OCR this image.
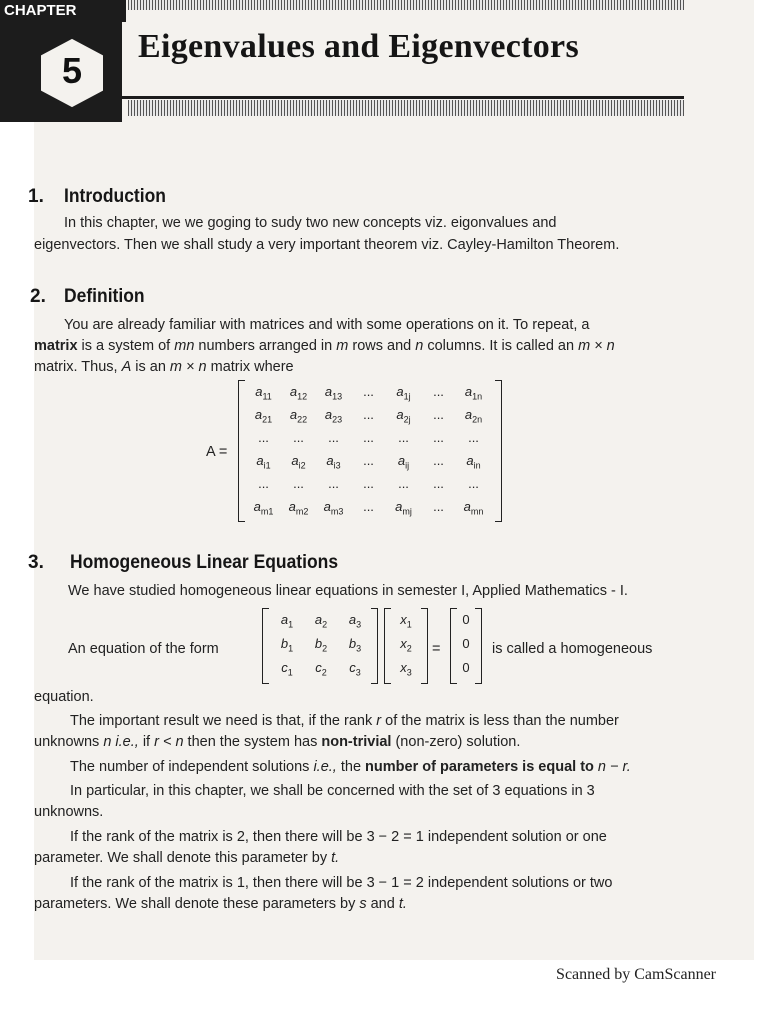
CHAPTER
5
Eigenvalues and Eigenvectors
1. Introduction
In this chapter, we we goging to sudy two new concepts viz. eigonvalues and
eigenvectors. Then we shall study a very important theorem viz. Cayley-Hamilton Theorem.
2. Definition
You are already familiar with matrices and with some operations on it. To repeat, a
matrix is a system of mn numbers arranged in m rows and n columns. It is called an m × n
matrix. Thus, A is an m × n matrix where
A =
$a_{11}$	$a_{12}$	$a_{13}$	...	$a_{1j}$	...	$a_{1n}$
$a_{21}$	$a_{22}$	$a_{23}$	...	$a_{2j}$	...	$a_{2n}$
...	...	...	...	...	...	...
$a_{i1}$	$a_{i2}$	$a_{i3}$	...	$a_{ij}$	...	$a_{in}$
...	...	...	...	...	...	...
$a_{m1}$	$a_{m2}$	$a_{m3}$	...	$a_{mj}$	...	$a_{mn}$
3. Homogeneous Linear Equations
We have studied homogeneous linear equations in semester I, Applied Mathematics - I.
An equation of the form
$a_1$	$a_2$	$a_3$
$b_1$	$b_2$	$b_3$
$c_1$	$c_2$	$c_3$
$x_1$
$x_2$
$x_3$
=
0
0
0
is called a homogeneous
equation.
The important result we need is that, if the rank r of the matrix is less than the number
unknowns n i.e., if r < n then the system has non-trivial (non-zero) solution.
The number of independent solutions i.e., the number of parameters is equal to n − r.
In particular, in this chapter, we shall be concerned with the set of 3 equations in 3
unknowns.
If the rank of the matrix is 2, then there will be 3 − 2 = 1 independent solution or one
parameter. We shall denote this parameter by t.
If the rank of the matrix is 1, then there will be 3 − 1 = 2 independent solutions or two
parameters. We shall denote these parameters by s and t.
Scanned by CamScanner
